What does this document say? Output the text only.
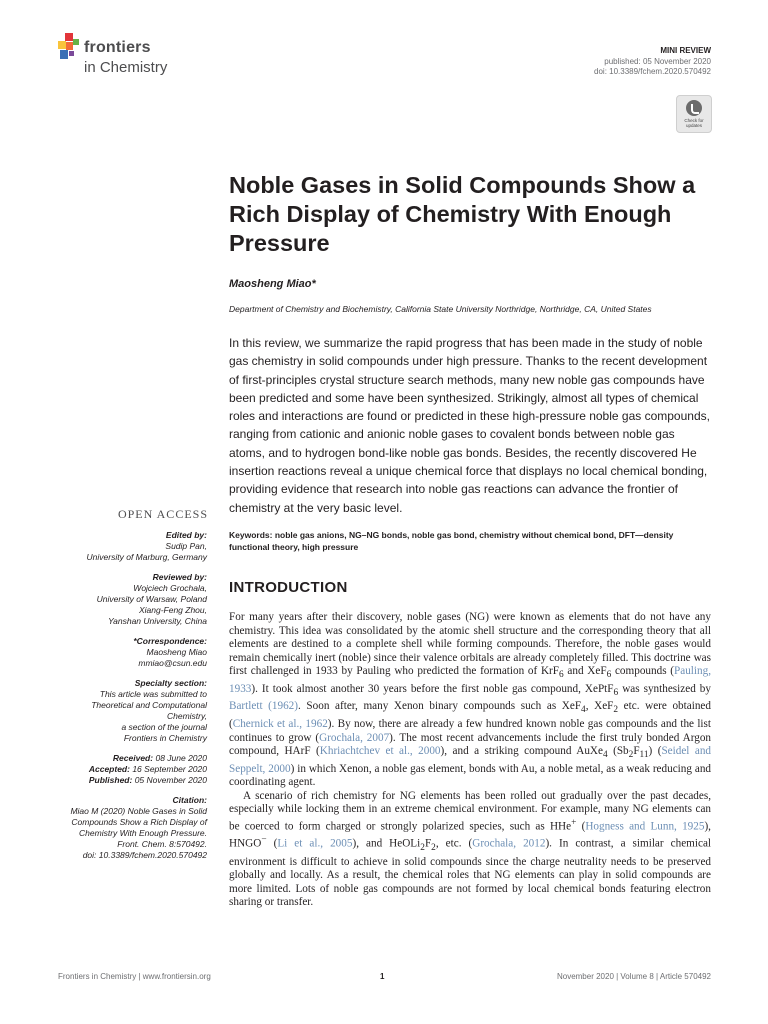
frontiers
in Chemistry
MINI REVIEW
published: 05 November 2020
doi: 10.3389/fchem.2020.570492
Check for updates
Noble Gases in Solid Compounds Show a Rich Display of Chemistry With Enough Pressure
Maosheng Miao*
Department of Chemistry and Biochemistry, California State University Northridge, Northridge, CA, United States
In this review, we summarize the rapid progress that has been made in the study of noble gas chemistry in solid compounds under high pressure. Thanks to the recent development of first-principles crystal structure search methods, many new noble gas compounds have been predicted and some have been synthesized. Strikingly, almost all types of chemical roles and interactions are found or predicted in these high-pressure noble gas compounds, ranging from cationic and anionic noble gases to covalent bonds between noble gas atoms, and to hydrogen bond-like noble gas bonds. Besides, the recently discovered He insertion reactions reveal a unique chemical force that displays no local chemical bonding, providing evidence that research into noble gas reactions can advance the frontier of chemistry at the very basic level.
Keywords: noble gas anions, NG–NG bonds, noble gas bond, chemistry without chemical bond, DFT—density functional theory, high pressure
OPEN ACCESS
Edited by:
Sudip Pan,
University of Marburg, Germany
Reviewed by:
Wojciech Grochala,
University of Warsaw, Poland
Xiang-Feng Zhou,
Yanshan University, China
*Correspondence:
Maosheng Miao
mmiao@csun.edu
Specialty section:
This article was submitted to
Theoretical and Computational
Chemistry,
a section of the journal
Frontiers in Chemistry
Received: 08 June 2020
Accepted: 16 September 2020
Published: 05 November 2020
Citation:
Miao M (2020) Noble Gases in Solid
Compounds Show a Rich Display of
Chemistry With Enough Pressure.
Front. Chem. 8:570492.
doi: 10.3389/fchem.2020.570492
INTRODUCTION

For many years after their discovery, noble gases (NG) were known as elements that do not have any chemistry. This idea was consolidated by the atomic shell structure and the corresponding theory that all elements are destined to a complete shell while forming compounds. Therefore, the noble gases would remain chemically inert (noble) since their valence orbitals are already completely filled. This doctrine was first challenged in 1933 by Pauling who predicted the formation of KrF$_6$ and XeF$_6$ compounds (Pauling, 1933). It took almost another 30 years before the first noble gas compound, XePtF$_6$ was synthesized by Bartlett (1962). Soon after, many Xenon binary compounds such as XeF$_4$, XeF$_2$ etc. were obtained (Chernick et al., 1962). By now, there are already a few hundred known noble gas compounds and the list continues to grow (Grochala, 2007). The most recent advancements include the first truly bonded Argon compound, HArF (Khriachtchev et al., 2000), and a striking compound AuXe$_4$ $(Sb_2F_{11})$ (Seidel and Seppelt, 2000) in which Xenon, a noble gas element, bonds with Au, a noble metal, as a weak reducing and coordinating agent.

A scenario of rich chemistry for NG elements has been rolled out gradually over the past decades, especially while locking them in an extreme chemical environment. For example, many NG elements can be coerced to form charged or strongly polarized species, such as HHe+ (Hogness and Lunn, 1925), HNGO− (Li et al., 2005), and $HeOLi_2F_2$, etc. (Grochala, 2012). In contrast, a similar chemical environment is difficult to achieve in solid compounds since the charge neutrality needs to be preserved globally and locally. As a result, the chemical roles that NG elements can play in solid compounds are more limited. Lots of noble gas compounds are not formed by local chemical bonds featuring electron sharing or transfer.

Frontiers in Chemistry | www.frontiersin.org	1	November 2020 | Volume 8 | Article 570492
